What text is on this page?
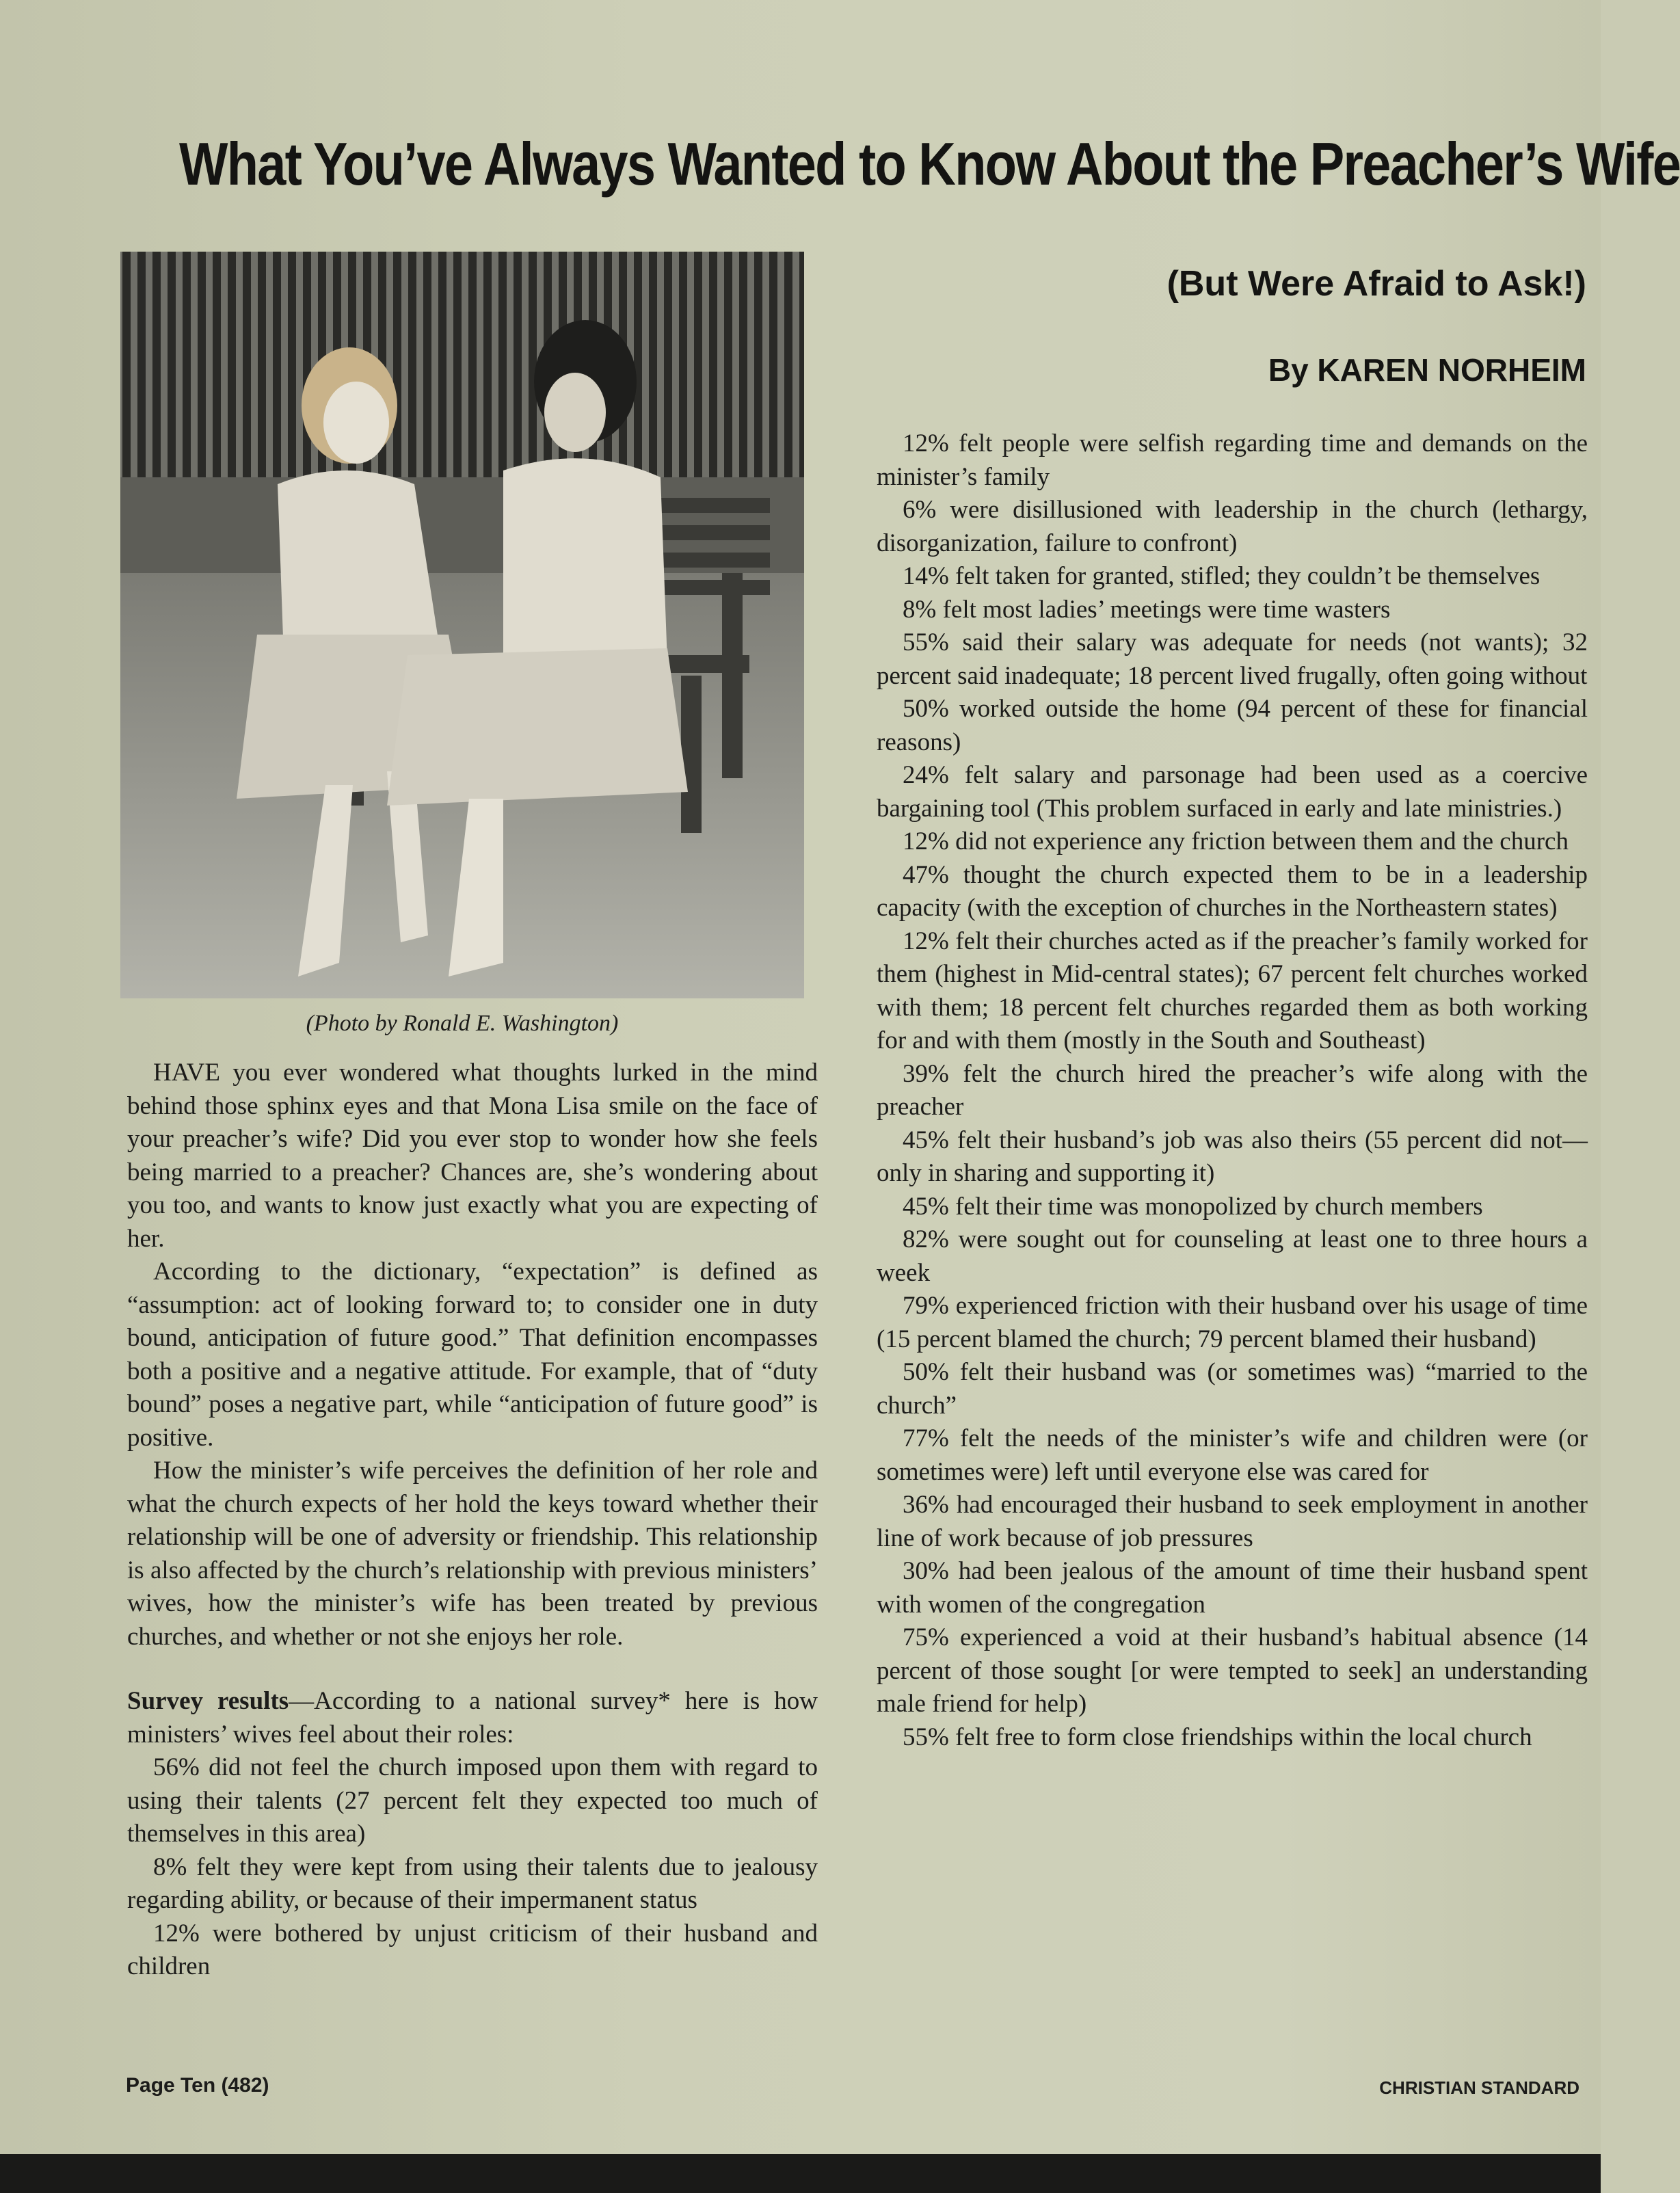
What You’ve Always Wanted to Know About the Preacher’s Wife
(But Were Afraid to Ask!)
By KAREN NORHEIM
(Photo by Ronald E. Washington)

HAVE you ever wondered what thoughts lurked in the mind behind those sphinx eyes and that Mona Lisa smile on the face of your preacher’s wife? Did you ever stop to wonder how she feels being married to a preacher? Chances are, she’s wondering about you too, and wants to know just exactly what you are expecting of her.

According to the dictionary, “expectation” is defined as “assumption: act of looking forward to; to consider one in duty bound, anticipation of future good.” That definition encompasses both a positive and a negative attitude. For example, that of “duty bound” poses a negative part, while “anticipation of future good” is positive.

How the minister’s wife perceives the definition of her role and what the church expects of her hold the keys toward whether their relationship will be one of adversity or friendship. This relationship is also affected by the church’s relationship with previous ministers’ wives, how the minister’s wife has been treated by previous churches, and whether or not she enjoys her role.

Survey results—According to a national survey* here is how ministers’ wives feel about their roles:

56% did not feel the church imposed upon them with regard to using their talents (27 percent felt they expected too much of themselves in this area)

8% felt they were kept from using their talents due to jealousy regarding ability, or because of their impermanent status

12% were bothered by unjust criticism of their husband and children

12% felt people were selfish regarding time and demands on the minister’s family

6% were disillusioned with leadership in the church (lethargy, disorganization, failure to confront)

14% felt taken for granted, stifled; they couldn’t be themselves

8% felt most ladies’ meetings were time wasters

55% said their salary was adequate for needs (not wants); 32 percent said inadequate; 18 percent lived frugally, often going without

50% worked outside the home (94 percent of these for financial reasons)

24% felt salary and parsonage had been used as a coercive bargaining tool (This problem surfaced in early and late ministries.)

12% did not experience any friction between them and the church

47% thought the church expected them to be in a leadership capacity (with the exception of churches in the Northeastern states)

12% felt their churches acted as if the preacher’s family worked for them (highest in Mid-central states); 67 percent felt churches worked with them; 18 percent felt churches regarded them as both working for and with them (mostly in the South and Southeast)

39% felt the church hired the preacher’s wife along with the preacher

45% felt their husband’s job was also theirs (55 percent did not—only in sharing and supporting it)

45% felt their time was monopolized by church members

82% were sought out for counseling at least one to three hours a week

79% experienced friction with their husband over his usage of time (15 percent blamed the church; 79 percent blamed their husband)

50% felt their husband was (or sometimes was) “married to the church”

77% felt the needs of the minister’s wife and children were (or sometimes were) left until everyone else was cared for

36% had encouraged their husband to seek employment in another line of work because of job pressures

30% had been jealous of the amount of time their husband spent with women of the congregation

75% experienced a void at their husband’s habitual absence (14 percent of those sought [or were tempted to seek] an understanding male friend for help)

55% felt free to form close friendships within the local church

Page Ten (482)	CHRISTIAN STANDARD
